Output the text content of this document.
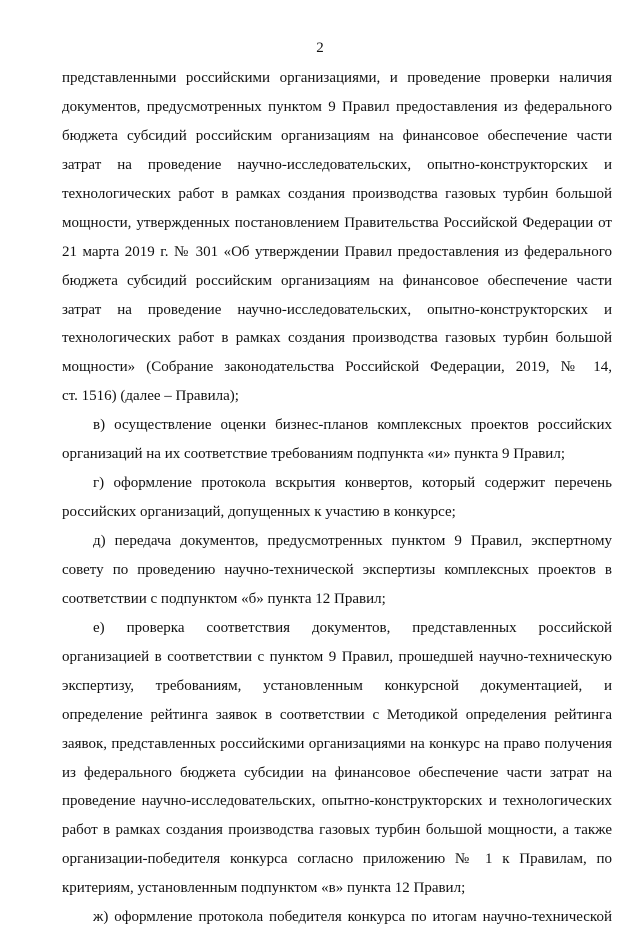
2
представленными российскими организациями, и проведение проверки наличия
документов, предусмотренных пунктом 9 Правил предоставления из федерального
бюджета субсидий российским организациям на финансовое обеспечение части
затрат на проведение научно-исследовательских, опытно-конструкторских и
технологических работ в рамках создания производства газовых турбин большой
мощности, утвержденных постановлением Правительства Российской Федерации от
21 марта 2019 г. № 301 «Об утверждении Правил предоставления из федерального
бюджета субсидий российским организациям на финансовое обеспечение части
затрат на проведение научно-исследовательских, опытно-конструкторских и
технологических работ в рамках создания производства газовых турбин большой
мощности» (Собрание законодательства Российской Федерации, 2019, № 14,
ст. 1516) (далее – Правила);
в) осуществление оценки бизнес-планов комплексных проектов российских
организаций на их соответствие требованиям подпункта «и» пункта 9 Правил;
г) оформление протокола вскрытия конвертов, который содержит перечень
российских организаций, допущенных к участию в конкурсе;
д) передача документов, предусмотренных пунктом 9 Правил, экспертному
совету по проведению научно-технической экспертизы комплексных проектов в
соответствии с подпунктом «б» пункта 12 Правил;
е) проверка соответствия документов, представленных российской
организацией в соответствии с пунктом 9 Правил, прошедшей научно-техническую
экспертизу, требованиям, установленным конкурсной документацией, и
определение рейтинга заявок в соответствии с Методикой определения рейтинга
заявок, представленных российскими организациями на конкурс на право получения
из федерального бюджета субсидии на финансовое обеспечение части затрат на
проведение научно-исследовательских, опытно-конструкторских и технологических
работ в рамках создания производства газовых турбин большой мощности, а также
организации-победителя конкурса согласно приложению № 1 к Правилам, по
критериям, установленным подпунктом «в» пункта 12 Правил;
ж) оформление протокола победителя конкурса по итогам научно-технической
